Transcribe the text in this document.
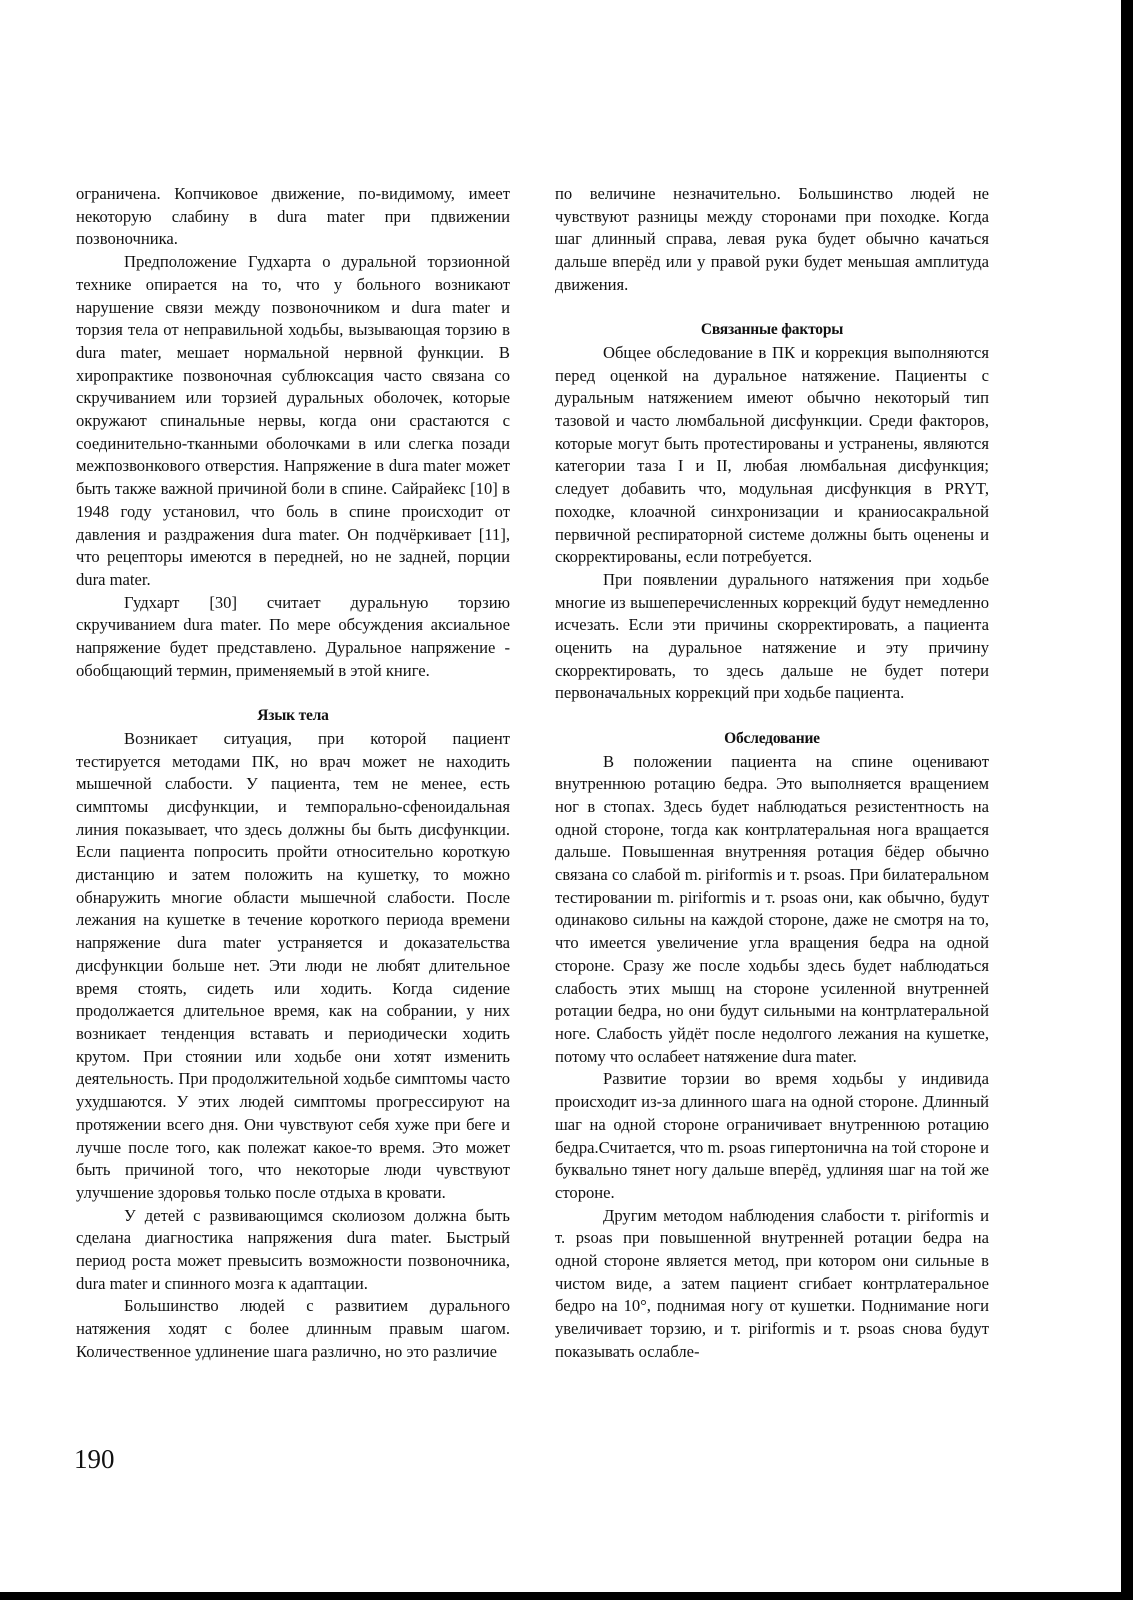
ограничена. Копчиковое движение, по-видимому, имеет некоторую слабину в dura mater при пдвижении позвоночника.

Предположение Гудхарта о дуральной торзионной технике опирается на то, что у больного возникают нарушение связи между позвоночником и dura mater и торзия тела от неправильной ходьбы, вызывающая торзию в dura mater, мешает нормальной нервной функции. В хиропрактике позвоночная сублюксация часто связана со скручиванием или торзией дуральных оболочек, которые окружают спинальные нервы, когда они срастаются с соединительно-тканными оболочками в или слегка позади межпозвонкового отверстия. Напряжение в dura mater может быть также важной причиной боли в спине. Сайрайекс [10] в 1948 году установил, что боль в спине происходит от давления и раздражения dura mater. Он подчёркивает [11], что рецепторы имеются в передней, но не задней, порции dura mater.

Гудхарт [30] считает дуральную торзию скручиванием dura mater. По мере обсуждения аксиальное напряжение будет представлено. Дуральное напряжение - обобщающий термин, применяемый в этой книге.

Язык тела

Возникает ситуация, при которой пациент тестируется методами ПК, но врач может не находить мышечной слабости. У пациента, тем не менее, есть симптомы дисфункции, и темпорально-сфеноидальная линия показывает, что здесь должны бы быть дисфункции. Если пациента попросить пройти относительно короткую дистанцию и затем положить на кушетку, то можно обнаружить многие области мышечной слабости. После лежания на кушетке в течение короткого периода времени напряжение dura mater устраняется и доказательства дисфункции больше нет. Эти люди не любят длительное время стоять, сидеть или ходить. Когда сидение продолжается длительное время, как на собрании, у них возникает тенденция вставать и периодически ходить крутом. При стоянии или ходьбе они хотят изменить деятельность. При продолжительной ходьбе симптомы часто ухудшаются. У этих людей симптомы прогрессируют на протяжении всего дня. Они чувствуют себя хуже при беге и лучше после того, как полежат какое-то время. Это может быть причиной того, что некоторые люди чувствуют улучшение здоровья только после отдыха в кровати.

У детей с развивающимся сколиозом должна быть сделана диагностика напряжения dura mater. Быстрый период роста может превысить возможности позвоночника, dura mater и спинного мозга к адаптации.

Большинство людей с развитием дурального натяжения ходят с более длинным правым шагом. Количественное удлинение шага различно, но это различие

по величине незначительно. Большинство людей не чувствуют разницы между сторонами при походке. Когда шаг длинный справа, левая рука будет обычно качаться дальше вперёд или у правой руки будет меньшая амплитуда движения.

Связанные факторы

Общее обследование в ПК и коррекция выполняются перед оценкой на дуральное натяжение. Пациенты с дуральным натяжением имеют обычно некоторый тип тазовой и часто люмбальной дисфункции. Среди факторов, которые могут быть протестированы и устранены, являются категории таза I и II, любая люмбальная дисфункция; следует добавить что, модульная дисфункция в PRYT, походке, клоачной синхронизации и краниосакральной первичной респираторной системе должны быть оценены и скорректированы, если потребуется.

При появлении дурального натяжения при ходьбе многие из вышеперечисленных коррекций будут немедленно исчезать. Если эти причины скорректировать, а пациента оценить на дуральное натяжение и эту причину скорректировать, то здесь дальше не будет потери первоначальных коррекций при ходьбе пациента.

Обследование

В положении пациента на спине оценивают внутреннюю ротацию бедра. Это выполняется вращением ног в стопах. Здесь будет наблюдаться резистентность на одной стороне, тогда как контрлатеральная нога вращается дальше. Повышенная внутренняя ротация бёдер обычно связана со слабой m. piriformis и т. psoas. При билатеральном тестировании m. piriformis и т. psoas они, как обычно, будут одинаково сильны на каждой стороне, даже не смотря на то, что имеется увеличение угла вращения бедра на одной стороне. Сразу же после ходьбы здесь будет наблюдаться слабость этих мышц на стороне усиленной внутренней ротации бедра, но они будут сильными на контрлатеральной ноге. Слабость уйдёт после недолгого лежания на кушетке, потому что ослабеет натяжение dura mater.

Развитие торзии во время ходьбы у индивида происходит из-за длинного шага на одной стороне. Длинный шаг на одной стороне ограничивает внутреннюю ротацию бедра.Считается, что m. psoas гипертонична на той стороне и буквально тянет ногу дальше вперёд, удлиняя шаг на той же стороне.

Другим методом наблюдения слабости т. piriformis и т. psoas при повышенной внутренней ротации бедра на одной стороне является метод, при котором они сильные в чистом виде, а затем пациент сгибает контрлатеральное бедро на 10°, поднимая ногу от кушетки. Поднимание ноги увеличивает торзию, и т. piriformis и т. psoas снова будут показывать ослабле-

190
